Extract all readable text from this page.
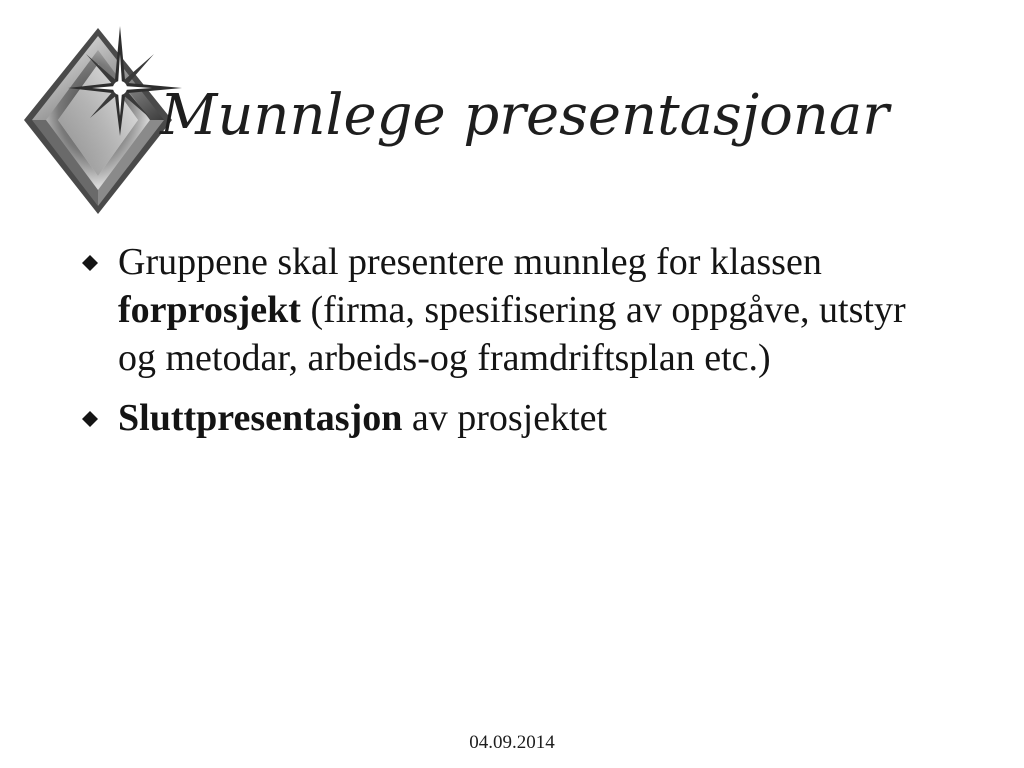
Munnlege presentasjonar
Gruppene skal presentere munnleg for klassen forprosjekt (firma, spesifisering av oppgåve, utstyr og metodar, arbeids-og framdriftsplan etc.)
Sluttpresentasjon av prosjektet
04.09.2014
